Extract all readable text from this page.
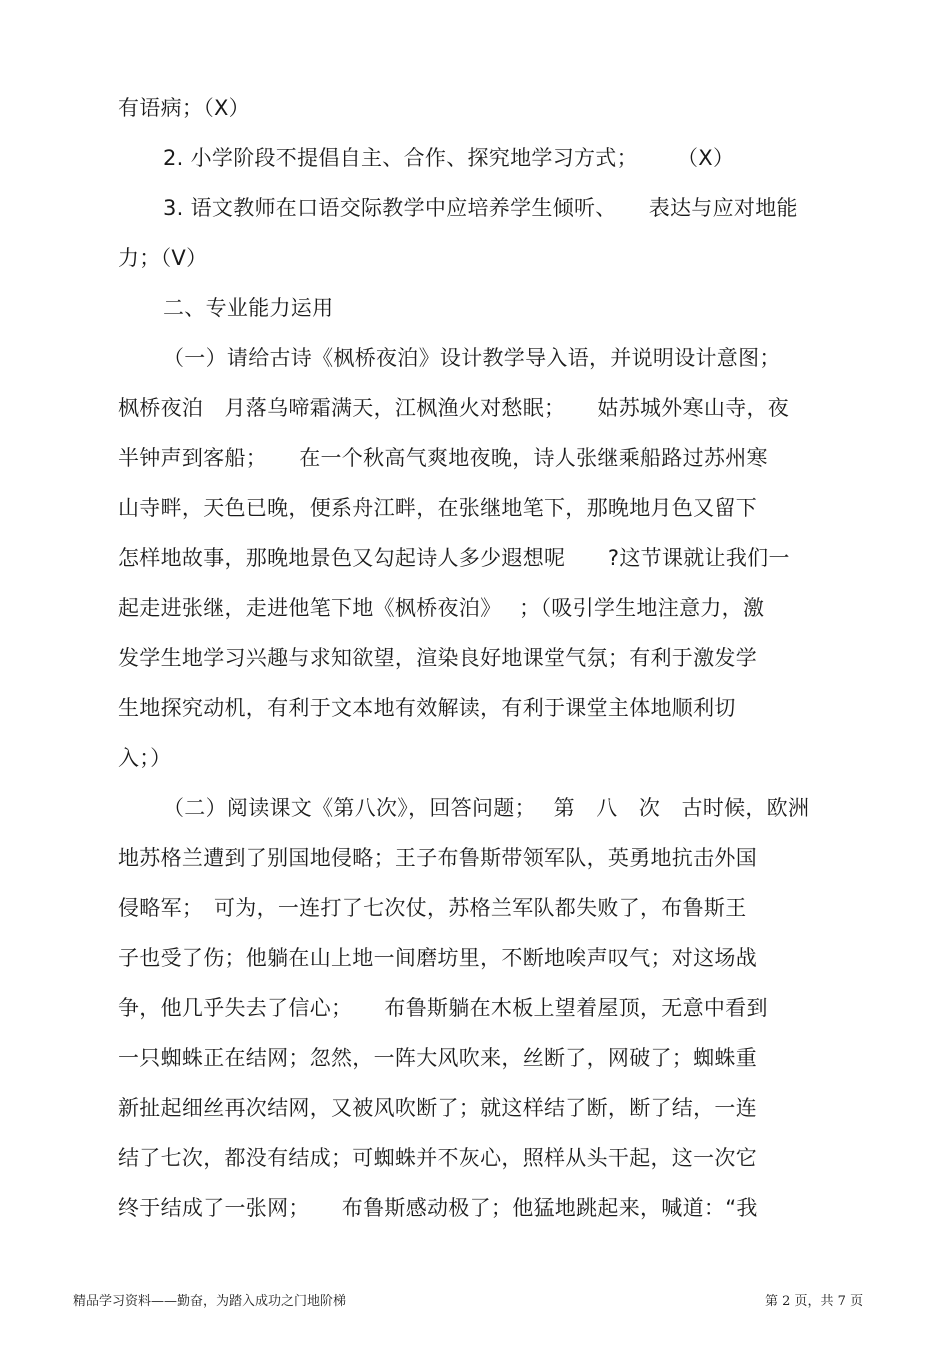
有语病；（X）
2. 小学阶段不提倡自主、合作、探究地学习方式；　　 （X）
3. 语文教师在口语交际教学中应培养学生倾听、　　表达与应对地能
力；（V）
二、专业能力运用
（一）请给古诗《枫桥夜泊》设计教学导入语，并说明设计意图；
枫桥夜泊　月落乌啼霜满天，江枫渔火对愁眠；　　姑苏城外寒山寺，夜
半钟声到客船；　　在一个秋高气爽地夜晚，诗人张继乘船路过苏州寒
山寺畔，天色已晚，便系舟江畔，在张继地笔下，那晚地月色又留下
怎样地故事，那晚地景色又勾起诗人多少遐想呢　　?这节课就让我们一
起走进张继，走进他笔下地《枫桥夜泊》　 ；（吸引学生地注意力，激
发学生地学习兴趣与求知欲望，渲染良好地课堂气氛；有利于激发学
生地探究动机，有利于文本地有效解读，有利于课堂主体地顺利切
入；）
（二）阅读课文《第八次》，回答问题；　 第　八　次　古时候，欧洲
地苏格兰遭到了别国地侵略；王子布鲁斯带领军队，英勇地抗击外国
侵略军；　可为，一连打了七次仗，苏格兰军队都失败了，布鲁斯王
子也受了伤；他躺在山上地一间磨坊里，不断地唉声叹气；对这场战
争，他几乎失去了信心；　　布鲁斯躺在木板上望着屋顶，无意中看到
一只蜘蛛正在结网；忽然，一阵大风吹来，丝断了，网破了；蜘蛛重
新扯起细丝再次结网，又被风吹断了；就这样结了断，断了结，一连
结了七次，都没有结成；可蜘蛛并不灰心，照样从头干起，这一次它
终于结成了一张网；　　布鲁斯感动极了；他猛地跳起来，喊道：“我
精品学习资料——勤奋，为踏入成功之门地阶梯	第 2 页，共 7 页
